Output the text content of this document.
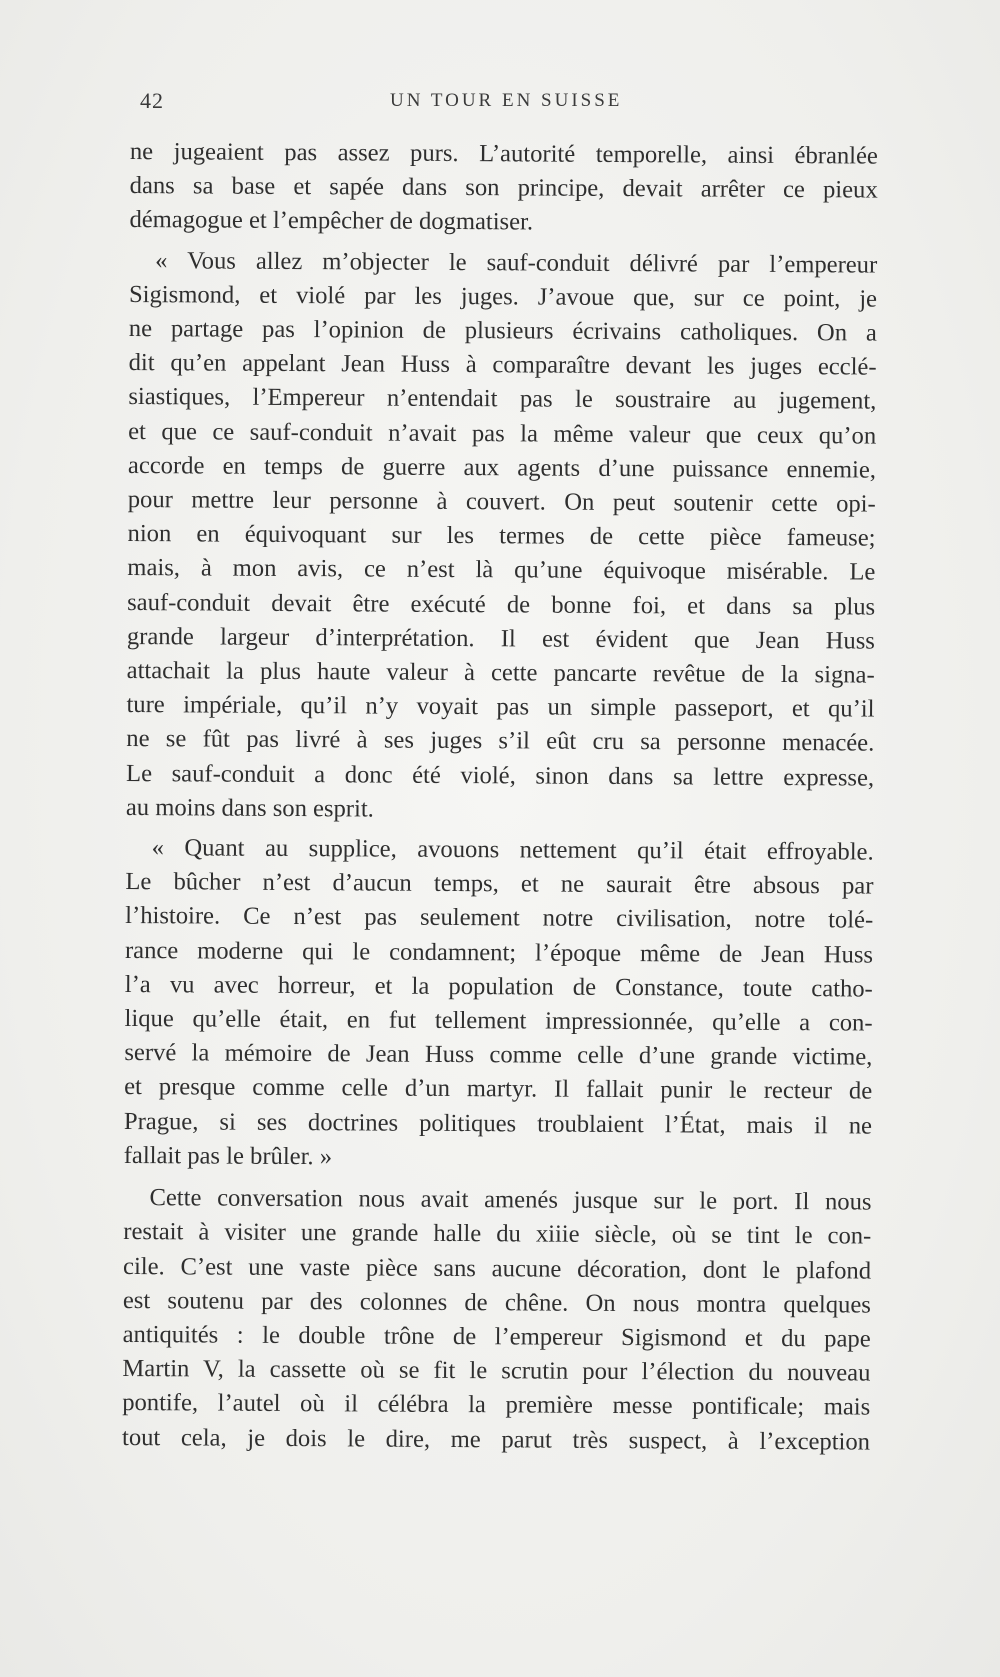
42	UN TOUR EN SUISSE
ne jugeaient pas assez purs. L’autorité temporelle, ainsi ébranlée
dans sa base et sapée dans son principe, devait arrêter ce pieux
démagogue et l’empêcher de dogmatiser.
« Vous allez m’objecter le sauf-conduit délivré par l’empereur
Sigismond, et violé par les juges. J’avoue que, sur ce point, je
ne partage pas l’opinion de plusieurs écrivains catholiques. On a
dit qu’en appelant Jean Huss à comparaître devant les juges ecclé-
siastiques, l’Empereur n’entendait pas le soustraire au jugement,
et que ce sauf-conduit n’avait pas la même valeur que ceux qu’on
accorde en temps de guerre aux agents d’une puissance ennemie,
pour mettre leur personne à couvert. On peut soutenir cette opi-
nion en équivoquant sur les termes de cette pièce fameuse;
mais, à mon avis, ce n’est là qu’une équivoque misérable. Le
sauf-conduit devait être exécuté de bonne foi, et dans sa plus
grande largeur d’interprétation. Il est évident que Jean Huss
attachait la plus haute valeur à cette pancarte revêtue de la signa-
ture impériale, qu’il n’y voyait pas un simple passeport, et qu’il
ne se fût pas livré à ses juges s’il eût cru sa personne menacée.
Le sauf-conduit a donc été violé, sinon dans sa lettre expresse,
au moins dans son esprit.
« Quant au supplice, avouons nettement qu’il était effroyable.
Le bûcher n’est d’aucun temps, et ne saurait être absous par
l’histoire. Ce n’est pas seulement notre civilisation, notre tolé-
rance moderne qui le condamnent; l’époque même de Jean Huss
l’a vu avec horreur, et la population de Constance, toute catho-
lique qu’elle était, en fut tellement impressionnée, qu’elle a con-
servé la mémoire de Jean Huss comme celle d’une grande victime,
et presque comme celle d’un martyr. Il fallait punir le recteur de
Prague, si ses doctrines politiques troublaient l’État, mais il ne
fallait pas le brûler. »
Cette conversation nous avait amenés jusque sur le port. Il nous
restait à visiter une grande halle du xiiie siècle, où se tint le con-
cile. C’est une vaste pièce sans aucune décoration, dont le plafond
est soutenu par des colonnes de chêne. On nous montra quelques
antiquités : le double trône de l’empereur Sigismond et du pape
Martin V, la cassette où se fit le scrutin pour l’élection du nouveau
pontife, l’autel où il célébra la première messe pontificale; mais
tout cela, je dois le dire, me parut très suspect, à l’exception
